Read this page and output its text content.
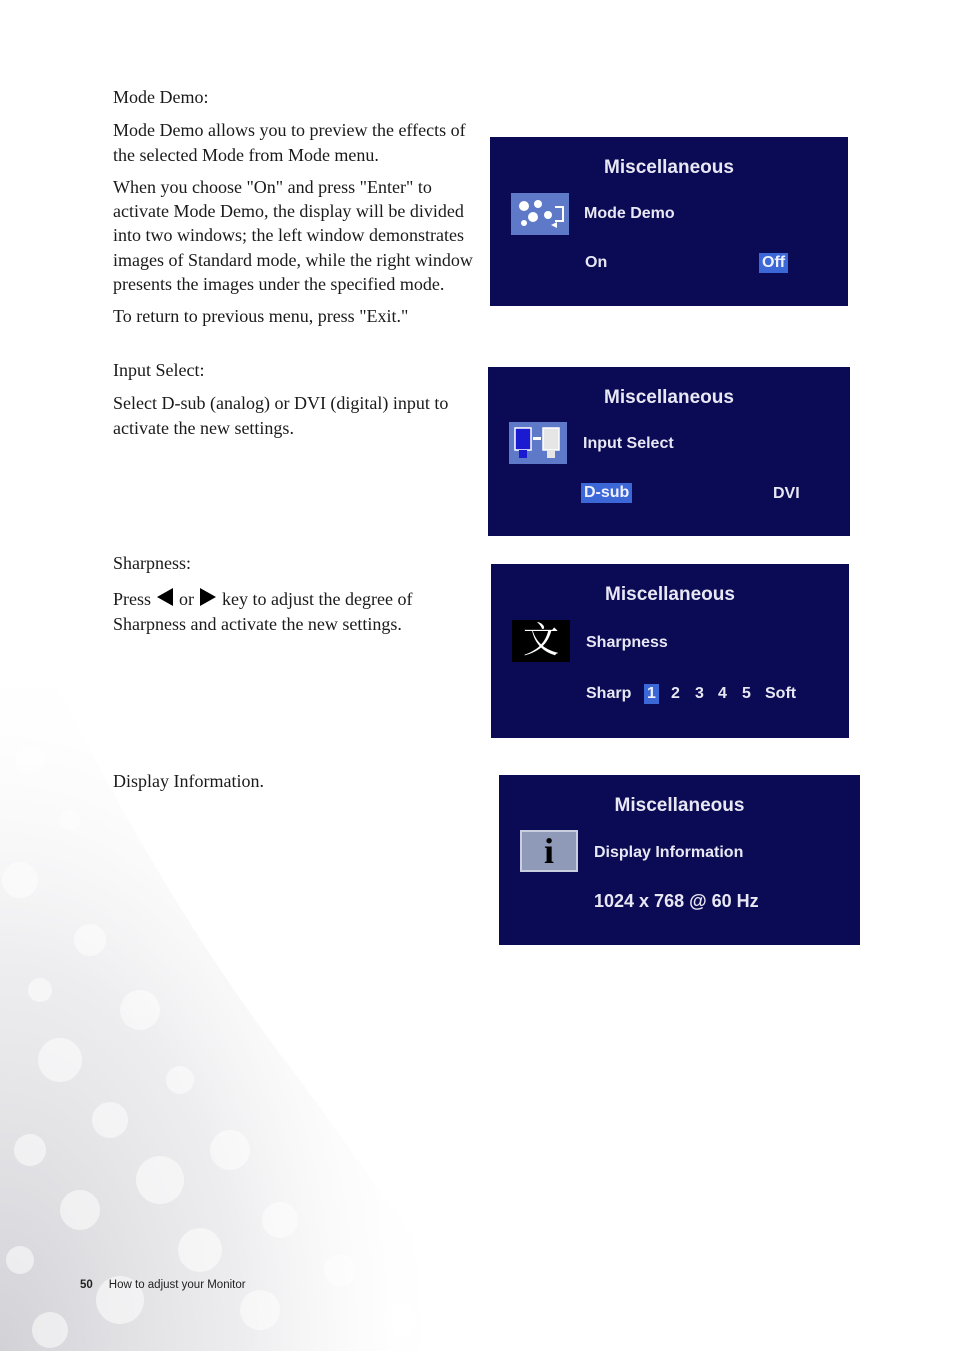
Mode Demo:

Mode Demo allows you to preview the effects of the selected Mode from Mode menu.

When you choose "On" and press "Enter" to activate Mode Demo, the display will be divided into two windows; the left window demonstrates images of Standard mode, while the right window presents the images under the specified mode.

To return to previous menu, press "Exit."

Input Select:

Select D-sub (analog) or DVI (digital) input to activate the new settings.

Sharpness:

Press or key to adjust the degree of Sharpness and activate the new settings.

Display Information.

Miscellaneous
Mode Demo
On	Off
Miscellaneous
Input Select
D-sub	DVI
Miscellaneous
文	Sharpness
Sharp 1 2 3 4 5 Soft
Miscellaneous
i	Display Information
1024 x 768 @ 60 Hz
50 How to adjust your Monitor
